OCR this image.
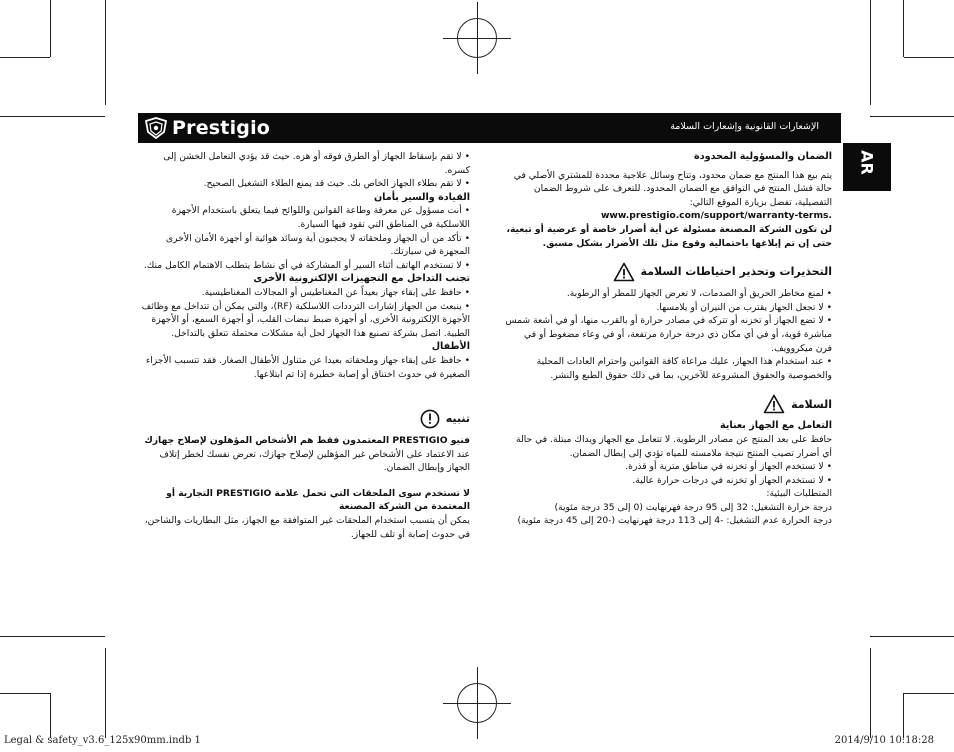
Prestigio	الإشعارات القانونية وإشعارات السلامة
AR

الضمان والمسؤولية المحدودة

يتم بيع هذا المنتج مع ضمان محدود، وتتاح وسائل علاجية محددة للمشتري الأصلي في حالة فشل المنتج في التوافق مع الضمان المحدود. للتعرف على شروط الضمان التفصيلية، تفضل بزيارة الموقع التالي: www.prestigio.com/support/warranty-terms.

لن تكون الشركة المصنعة مسئولة عن أية أضرار خاصة أو عرضية أو تبعية، حتى إن تم إبلاغها باحتمالية وقوع مثل تلك الأضرار بشكل مسبق.

التحذيرات وتحذير احتياطات السلامة

• لمنع مخاطر الحريق أو الصدمات، لا تعرض الجهاز للمطر أو الرطوبة.

• لا تجعل الجهاز يقترب من النيران أو يلامسها.

• لا تضع الجهاز أو تخزنه أو تتركه في مصادر حرارة أو بالقرب منها، أو في أشعة شمس مباشرة قوية، أو في أي مكان ذي درجة حرارة مرتفعة، أو في وعاء مضغوط أو في فرن ميكروويف.

• عند استخدام هذا الجهاز، عليك مراعاة كافة القوانين واحترام العادات المحلية والخصوصية والحقوق المشروعة للآخرين، بما في ذلك حقوق الطبع والنشر.

السلامة

التعامل مع الجهاز بعناية

حافظ على بعد المنتج عن مصادر الرطوبة. لا تتعامل مع الجهاز ويداك مبتلة. في حالة أي أضرار تصيب المنتج نتيجة ملامسته للمياه تؤدي إلى إبطال الضمان.

• لا تستخدم الجهاز أو تخزنه في مناطق مترية أو قذرة.

• لا تستخدم الجهاز أو تخزنه في درجات حرارة عالية.

المتطلبات البيئية:

درجة حرارة التشغيل: 32 إلى 95 درجة فهرنهايت (0 إلى 35 درجة مئوية)

درجة الحرارة عدم التشغيل: -4 إلى 113 درجة فهرنهايت (-20 إلى 45 درجة مئوية)

• لا تقم بإسقاط الجهاز أو الطرق فوقه أو هزه. حيث قد يؤدي التعامل الخشن إلى كسره.

• لا تقم بطلاء الجهاز الخاص بك. حيث قد يمنع الطلاء التشغيل الصحيح.

القيادة والسير بأمان

• أنت مسؤول عن معرفة وطاعة القوانين واللوائح فيما يتعلق باستخدام الأجهزة اللاسلكية في المناطق التي تقود فيها السيارة.

• تأكد من أن الجهاز وملحقاته لا يحجبون أية وسائد هوائية أو أجهزة الأمان الأخرى المجهزة في سيارتك.

• لا تستخدم الهاتف أثناء السير أو المشاركة في أي نشاط يتطلب الاهتمام الكامل منك.

تجنب التداخل مع التجهيزات الإلكترونية الأخرى

• حافظ على إبقاء جهاز بعيداً عن المغناطيس أو المجالات المغناطيسية.

• ينبعث من الجهاز إشارات الترددات اللاسلكية (RF)، والتي يمكن أن تتداخل مع وظائف الأجهزة الإلكترونية الأخرى، أو أجهزة ضبط نبضات القلب، أو أجهزة السمع، أو الأجهزة الطبية. اتصل بشركة تصنيع هذا الجهاز لحل أية مشكلات محتملة تتعلق بالتداخل.

الأطفال

• حافظ على إبقاء جهاز وملحقاته بعيدا عن متناول الأطفال الصغار. فقد تتسبب الأجزاء الصغيرة في حدوث اختناق أو إصابة خطيرة إذا تم ابتلاعها.

تنبيه

فنيو PRESTIGIO المعتمدون فقط هم الأشخاص المؤهلون لإصلاح جهازك

عند الاعتماد على الأشخاص غير المؤهلين لإصلاح جهازك، تعرض نفسك لخطر إتلاف الجهاز وإبطال الضمان.

لا تستخدم سوى الملحقات التي تحمل علامة PRESTIGIO التجارية أو المعتمدة من الشركة المصنعة

يمكن أن يتسبب استخدام الملحقات غير المتوافقة مع الجهاز، مثل البطاريات والشاحن، في حدوث إصابة أو تلف للجهاز.

Legal & safety_v3.6_125x90mm.indb 1	2014/9/10 10:18:28
